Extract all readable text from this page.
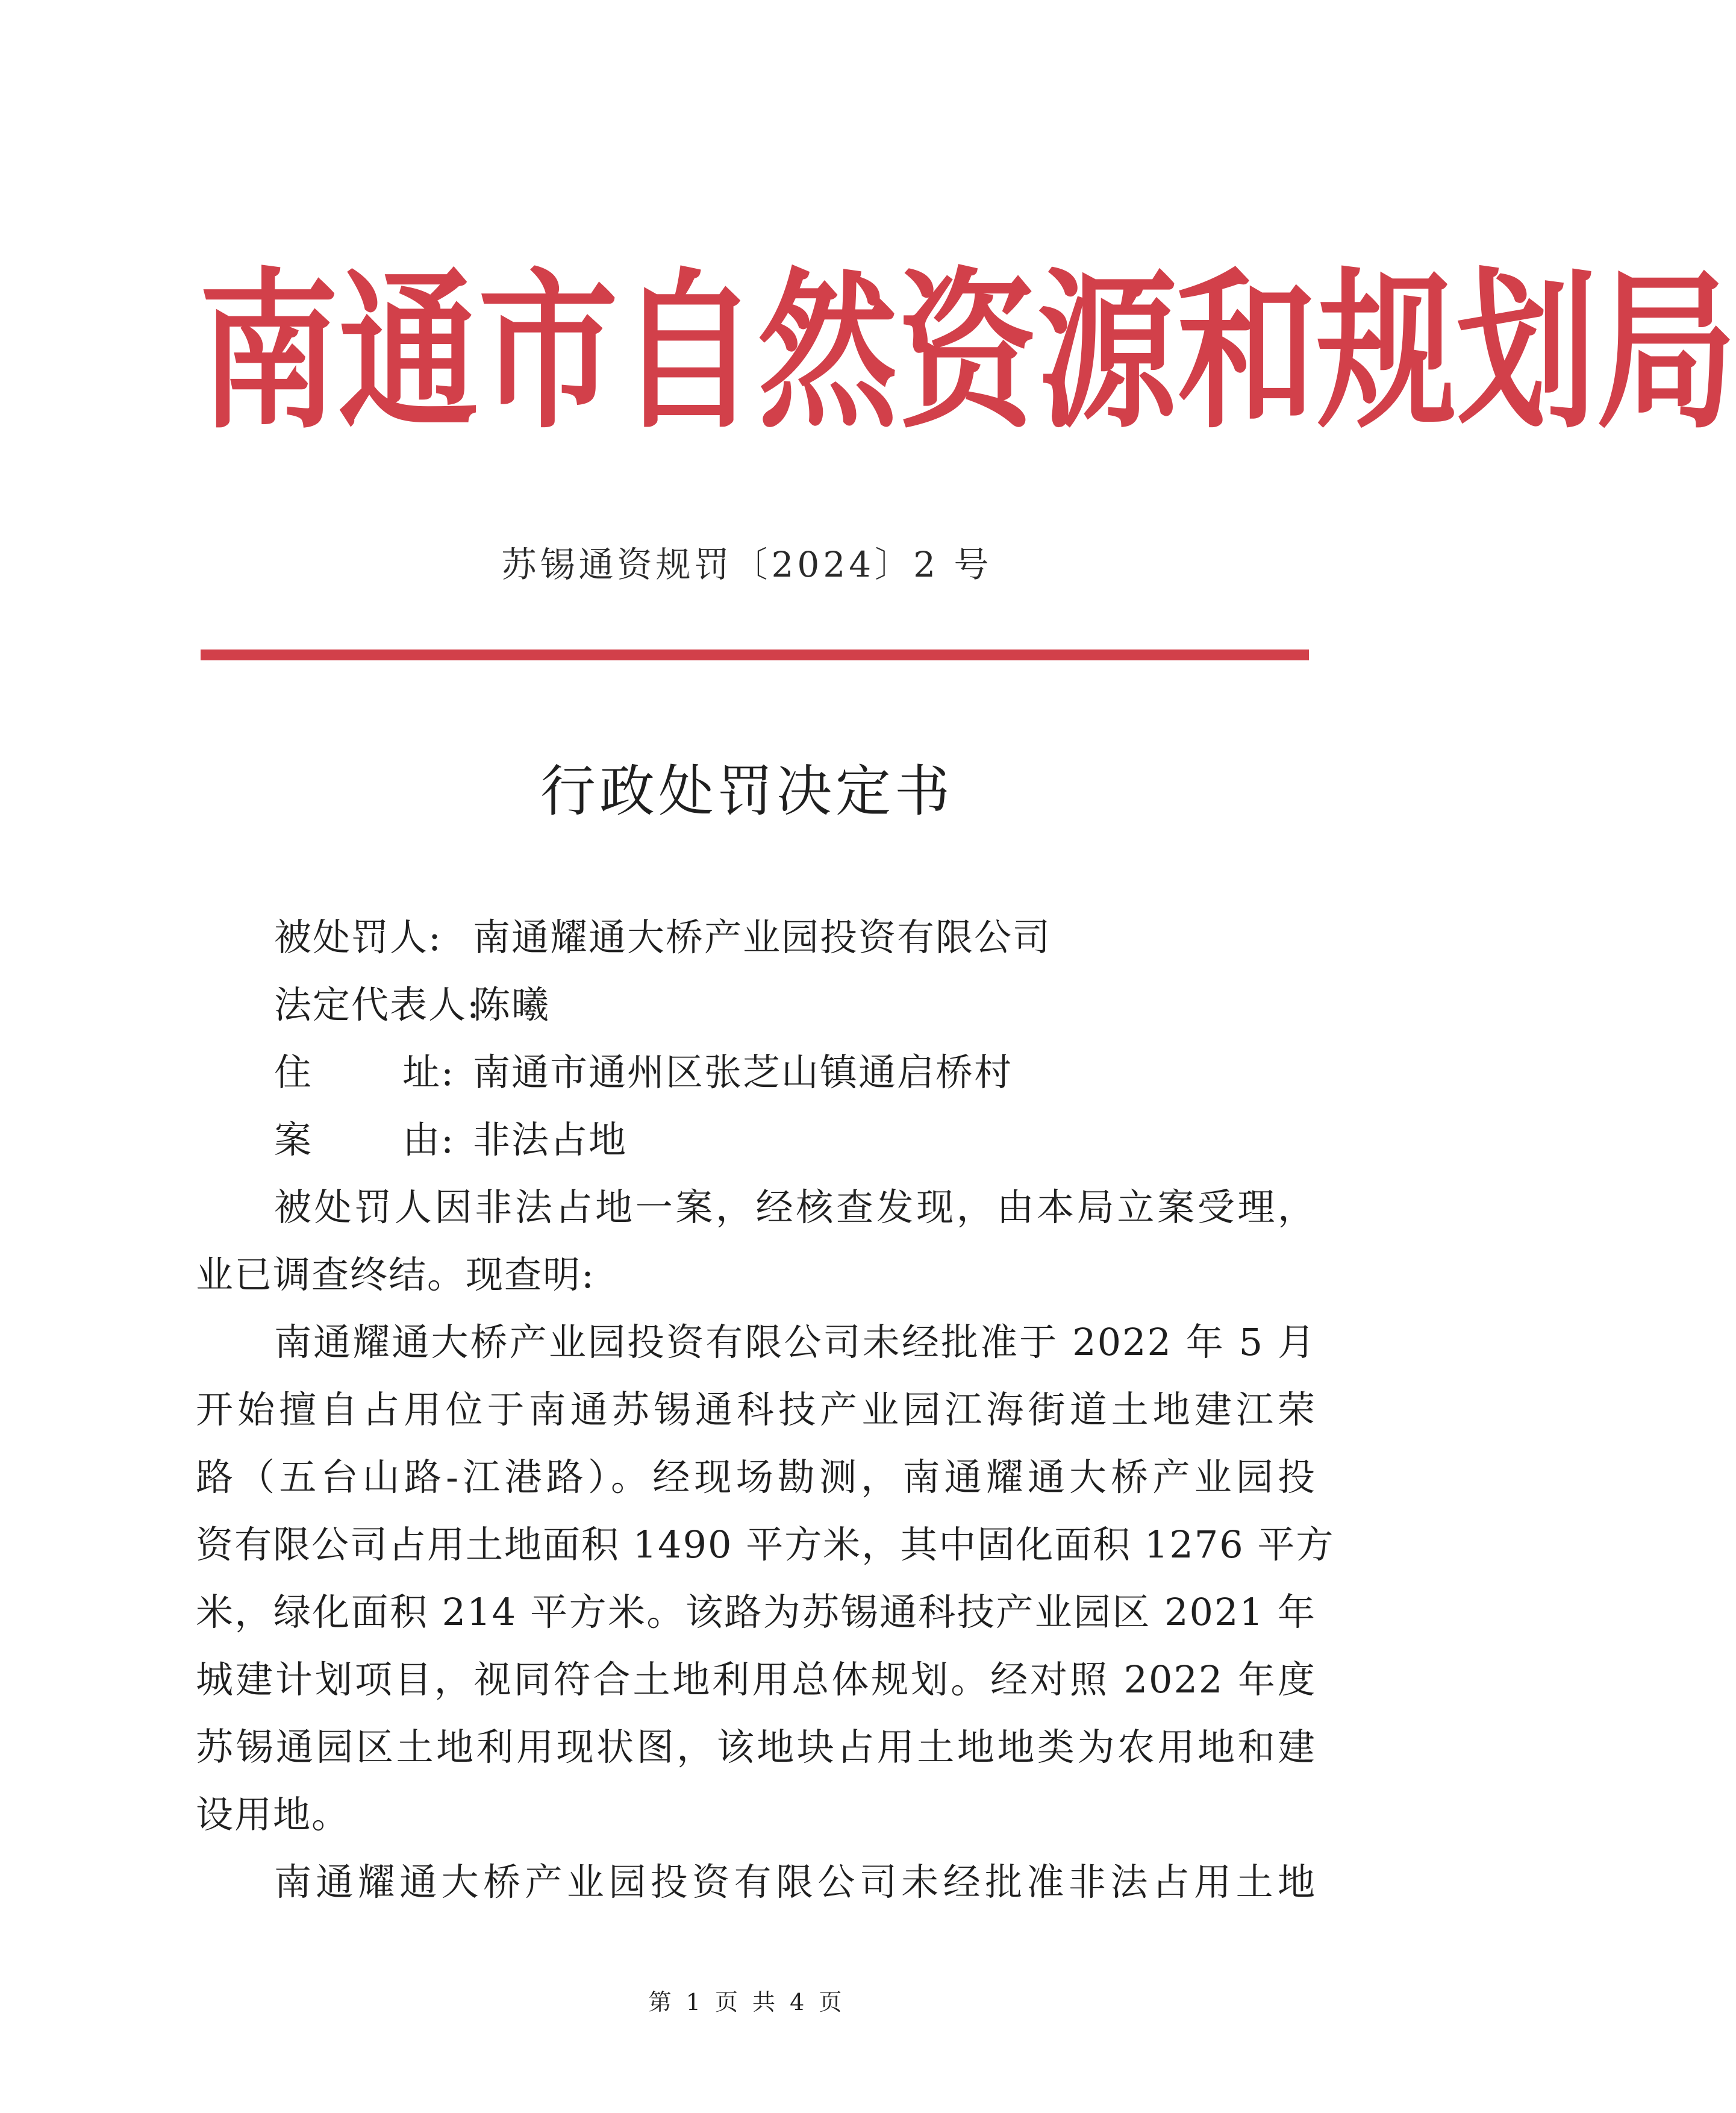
南 通 市 自 然 资 源 和 规 划 局
苏锡通资规罚〔2024〕2 号
行政处罚决定书
被处罚人: 南通耀通大桥产业园投资有限公司
法定代表人:
陈曦
住 址: 南通市通州区张芝山镇通启桥村
案 由: 非法占地
被处罚人因非法占地一案，经核查发现，由本局立案受理，
业已调查终结。现查明:
南通耀通大桥产业园投资有限公司未经批准于 2022 年 5 月
开始擅自占用位于南通苏锡通科技产业园江海街道土地建江荣
路（五台山路-江港路）。经现场勘测，南通耀通大桥产业园投
资有限公司占用土地面积 1490 平方米，其中固化面积 1276 平方
米，绿化面积 214 平方米。该路为苏锡通科技产业园区 2021 年
城建计划项目，视同符合土地利用总体规划。经对照 2022 年度
苏锡通园区土地利用现状图，该地块占用土地地类为农用地和建
设用地。
南通耀通大桥产业园投资有限公司未经批准非法占用土地
第 1 页 共 4 页
